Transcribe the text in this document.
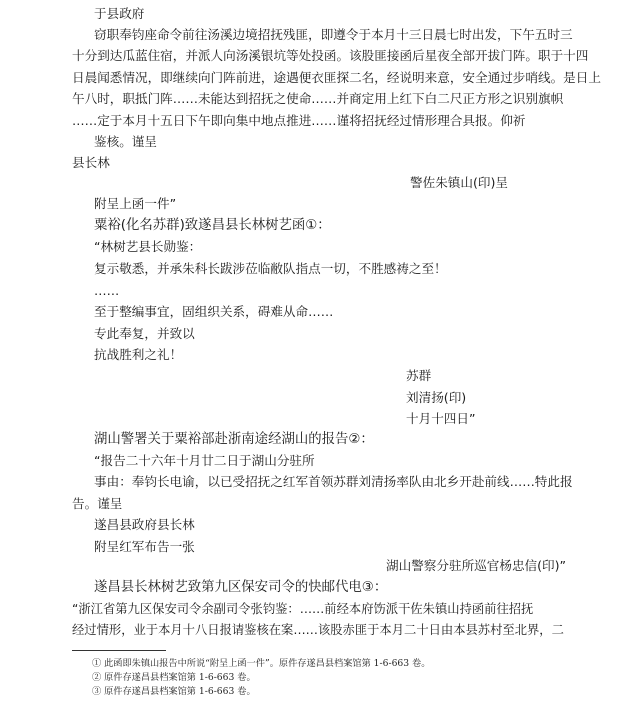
于县政府
窃职奉钧座命令前往汤溪边境招抚残匪，即遵令于本月十三日晨七时出发，下午五时三
十分到达瓜蓝住宿，并派人向汤溪银坑等处投函。该股匪接函后星夜全部开拔门阵。职于十四
日晨闻悉情况，即继续向门阵前进，途遇便衣匪探二名，经说明来意，安全通过步哨线。是日上
午八时，职抵门阵……未能达到招抚之使命……并商定用上红下白二尺正方形之识别旗帜
……定于本月十五日下午即向集中地点推进……谨将招抚经过情形理合具报。仰祈
鉴核。谨呈
县长林
警佐朱镇山(印)呈
附呈上函一件”
粟裕(化名苏群)致遂昌县长林树艺函①：
“林树艺县长勋鉴：
复示敬悉，并承朱科长跋涉莅临敝队指点一切，不胜感祷之至！
……
至于整编事宜，固组织关系，碍难从命……
专此奉复，并致以
抗战胜利之礼！
苏群
刘清扬(印)
十月十四日”
湖山警署关于粟裕部赴浙南途经湖山的报告②：
“报告二十六年十月廿二日于湖山分驻所
事由：奉钧长电谕，以已受招抚之红军首领苏群刘清扬率队由北乡开赴前线……特此报
告。谨呈
遂昌县政府县长林
附呈红军布告一张
湖山警察分驻所巡官杨忠信(印)”
遂昌县长林树艺致第九区保安司令的快邮代电③：
“浙江省第九区保安司令余副司令张钧鉴：……前经本府饬派干佐朱镇山持函前往招抚
经过情形，业于本月十八日报请鉴核在案……该股赤匪于本月二十日由本县苏村至北界，二
① 此函即朱镇山报告中所说“附呈上函一件”。原件存遂昌县档案馆第 1-6-663 卷。
② 原件存遂昌县档案馆第 1-6-663 卷。
③ 原件存遂昌县档案馆第 1-6-663 卷。
